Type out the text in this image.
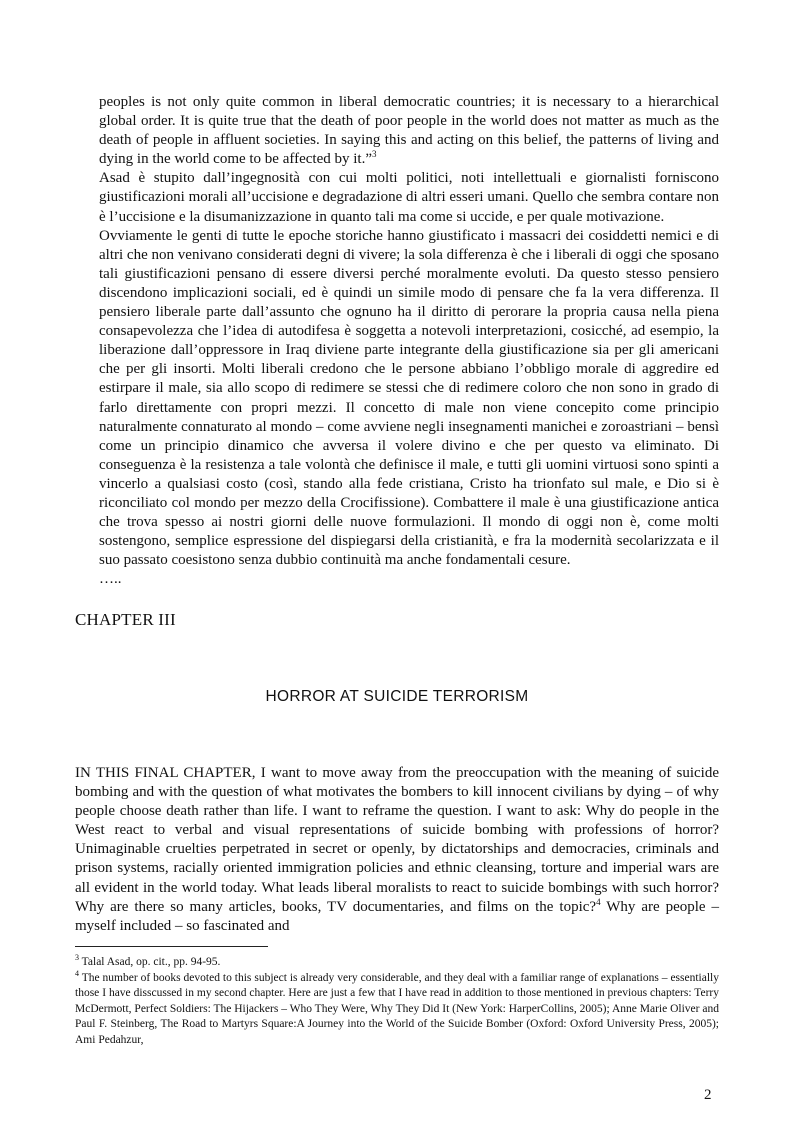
peoples is not only quite common in liberal democratic countries; it is necessary to a hierarchical global order. It is quite true that the death of poor people in the world does not matter as much as the death of people in affluent societies. In saying this and acting on this belief, the patterns of living and dying in the world come to be affected by it.”$^3$

Asad è stupito dall’ingegnosità con cui molti politici, noti intellettuali e giornalisti forniscono giustificazioni morali all’uccisione e degradazione di altri esseri umani. Quello che sembra contare non è l’uccisione e la disumanizzazione in quanto tali ma come si uccide, e per quale motivazione.

Ovviamente le genti di tutte le epoche storiche hanno giustificato i massacri dei cosiddetti nemici e di altri che non venivano considerati degni di vivere; la sola differenza è che i liberali di oggi che sposano tali giustificazioni pensano di essere diversi perché moralmente evoluti. Da questo stesso pensiero discendono implicazioni sociali, ed è quindi un simile modo di pensare che fa la vera differenza. Il pensiero liberale parte dall’assunto che ognuno ha il diritto di perorare la propria causa nella piena consapevolezza che l’idea di autodifesa è soggetta a notevoli interpretazioni, cosicché, ad esempio, la liberazione dall’oppressore in Iraq diviene parte integrante della giustificazione sia per gli americani che per gli insorti. Molti liberali credono che le persone abbiano l’obbligo morale di aggredire ed estirpare il male, sia allo scopo di redimere se stessi che di redimere coloro che non sono in grado di farlo direttamente con propri mezzi. Il concetto di male non viene concepito come principio naturalmente connaturato al mondo – come avviene negli insegnamenti manichei e zoroastriani – bensì come un principio dinamico che avversa il volere divino e che per questo va eliminato. Di conseguenza è la resistenza a tale volontà che definisce il male, e tutti gli uomini virtuosi sono spinti a vincerlo a qualsiasi costo (così, stando alla fede cristiana, Cristo ha trionfato sul male, e Dio si è riconciliato col mondo per mezzo della Crocifissione). Combattere il male è una giustificazione antica che trova spesso ai nostri giorni delle nuove formulazioni. Il mondo di oggi non è, come molti sostengono, semplice espressione del dispiegarsi della cristianità, e fra la modernità secolarizzata e il suo passato coesistono senza dubbio continuità ma anche fondamentali cesure.

…..

CHAPTER III
HORROR AT SUICIDE TERRORISM

IN THIS FINAL CHAPTER, I want to move away from the preoccupation with the meaning of suicide bombing and with the question of what motivates the bombers to kill innocent civilians by dying – of why people choose death rather than life. I want to reframe the question. I want to ask: Why do people in the West react to verbal and visual representations of suicide bombing with professions of horror? Unimaginable cruelties perpetrated in secret or openly, by dictatorships and democracies, criminals and prison systems, racially oriented immigration policies and ethnic cleansing, torture and imperial wars are all evident in the world today. What leads liberal moralists to react to suicide bombings with such horror? Why are there so many articles, books, TV documentaries, and films on the topic?$^4$ Why are people – myself included – so fascinated and

$^3$ Talal Asad, op. cit., pp. 94-95.

$^4$ The number of books devoted to this subject is already very considerable, and they deal with a familiar range of explanations – essentially those I have disscussed in my second chapter. Here are just a few that I have read in addition to those mentioned in previous chapters: Terry McDermott, Perfect Soldiers: The Hijackers – Who They Were, Why They Did It (New York: HarperCollins, 2005); Anne Marie Oliver and Paul F. Steinberg, The Road to Martyrs Square:A Journey into the World of the Suicide Bomber (Oxford: Oxford University Press, 2005); Ami Pedahzur,

2
